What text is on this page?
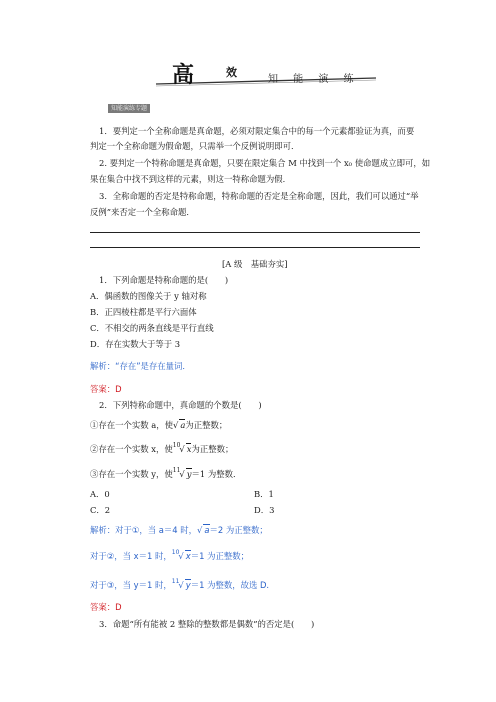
高	效
知 能 演 练
知能演练专题
1．要判定一个全称命题是真命题，必须对限定集合中的每一个元素都验证为真，而要
判定一个全称命题为假命题，只需举一个反例说明即可．
2. 要判定一个特称命题是真命题，只要在限定集合 M 中找到一个 x₀ 使命题成立即可，如
果在集合中找不到这样的元素，则这一特称命题为假．
3．全称命题的否定是特称命题，特称命题的否定是全称命题，因此，我们可以通过“举
反例”来否定一个全称命题．
[A 级　基础夯实]
1．下列命题是特称命题的是(　　)
A．偶函数的图像关于 y 轴对称
B．正四棱柱都是平行六面体
C．不相交的两条直线是平行直线
D．存在实数大于等于 3
解析：“存在”是存在量词．
答案：D
2．下列特称命题中，真命题的个数是(　　)
①存在一个实数 a，使√ a为正整数；
②存在一个实数 x，使$^{10}$√ x为正整数；
③存在一个实数 y，使$^{11}$√ y＝1 为整数．
A．0	B．1
C．2	D．3
解析：对于①，当 a＝4 时，√ a＝2 为正整数；
对于②，当 x＝1 时，$^{10}$√ x＝1 为正整数；
对于③，当 y＝1 时，$^{11}$√ y＝1 为整数，故选 D.
答案：D
3．命题“所有能被 2 整除的整数都是偶数”的否定是(　　)
